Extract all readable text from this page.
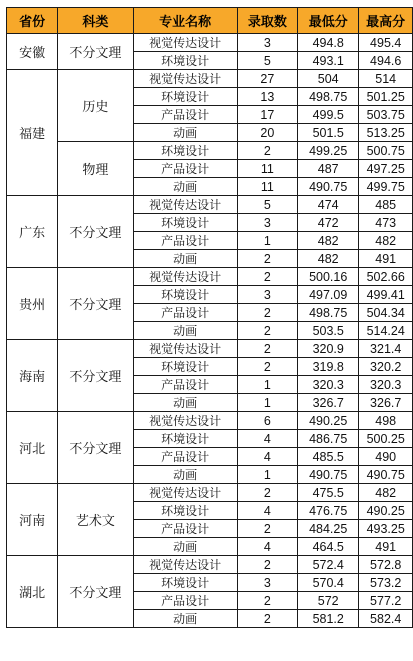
省份	科类	专业名称	录取数	最低分	最高分
安徽	不分文理	视觉传达设计	3	494.8	495.4
		环境设计	5	493.1	494.6
福建	历史	视觉传达设计	27	504	514
		环境设计	13	498.75	501.25
		产品设计	17	499.5	503.75
		动画	20	501.5	513.25
	物理	环境设计	2	499.25	500.75
		产品设计	11	487	497.25
		动画	11	490.75	499.75
广东	不分文理	视觉传达设计	5	474	485
		环境设计	3	472	473
		产品设计	1	482	482
		动画	2	482	491
贵州	不分文理	视觉传达设计	2	500.16	502.66
		环境设计	3	497.09	499.41
		产品设计	2	498.75	504.34
		动画	2	503.5	514.24
海南	不分文理	视觉传达设计	2	320.9	321.4
		环境设计	2	319.8	320.2
		产品设计	1	320.3	320.3
		动画	1	326.7	326.7
河北	不分文理	视觉传达设计	6	490.25	498
		环境设计	4	486.75	500.25
		产品设计	4	485.5	490
		动画	1	490.75	490.75
河南	艺术文	视觉传达设计	2	475.5	482
		环境设计	4	476.75	490.25
		产品设计	2	484.25	493.25
		动画	4	464.5	491
湖北	不分文理	视觉传达设计	2	572.4	572.8
		环境设计	3	570.4	573.2
		产品设计	2	572	577.2
		动画	2	581.2	582.4
